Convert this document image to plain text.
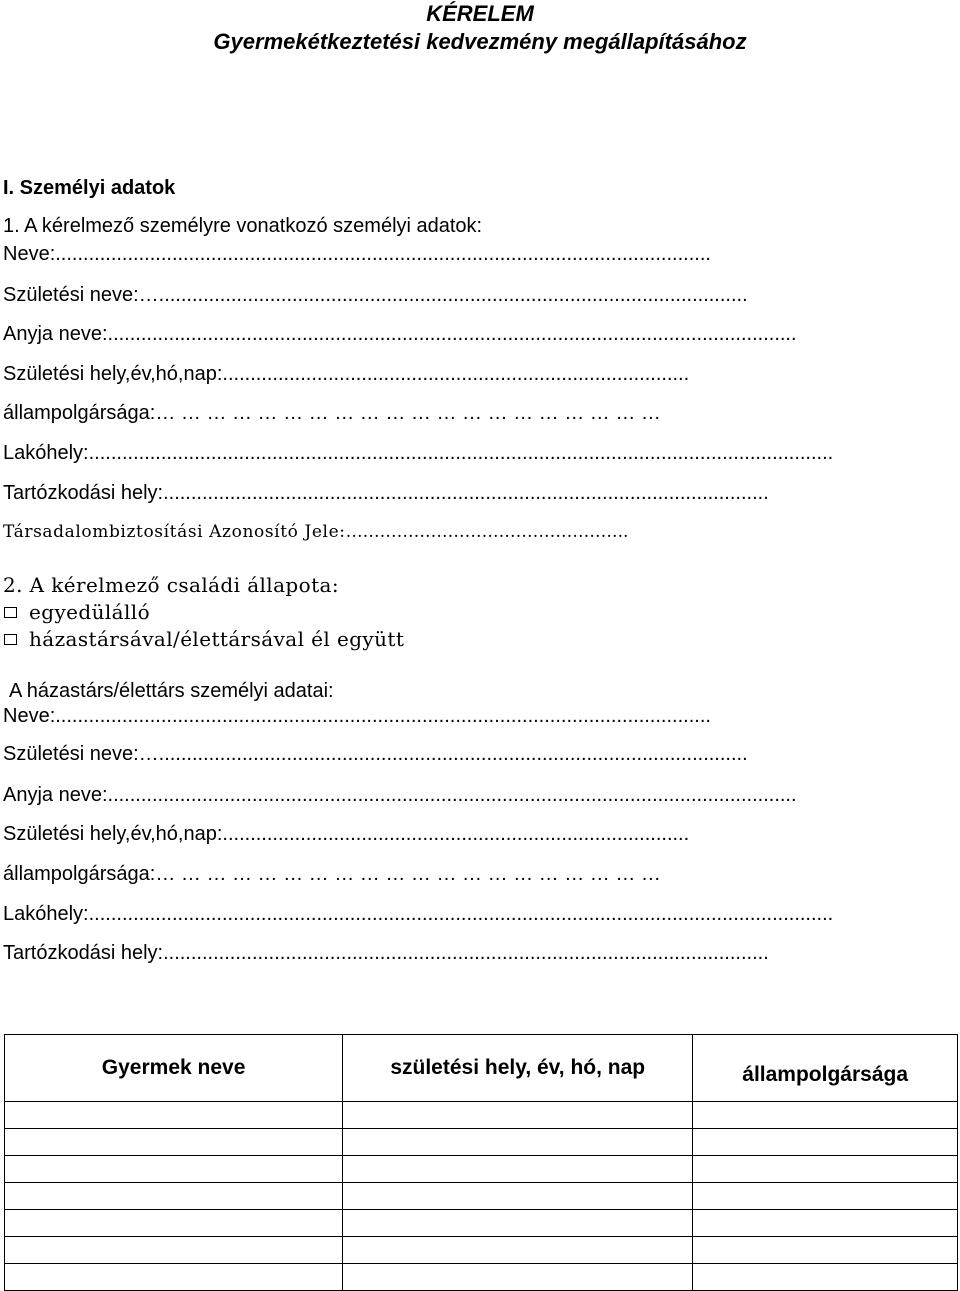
KÉRELEM
Gyermekétkeztetési kedvezmény megállapításához
I. Személyi adatok
1. A kérelmező személyre vonatkozó személyi adatok:
Neve:......................................................................................................................
Születési neve:…..........................................................................................................
Anyja neve:............................................................................................................................
Születési hely,év,hó,nap:....................................................................................
állampolgársága:… … … … … … … … … … … … … … … … … … … …
Lakóhely:......................................................................................................................................
Tartózkodási hely:.............................................................................................................
Társadalombiztosítási Azonosító Jele:…………………………………………..
2. A kérelmező családi állapota:
egyedülálló
házastársával/élettársával él együtt
A házastárs/élettárs személyi adatai:
Neve:......................................................................................................................
Születési neve:…..........................................................................................................
Anyja neve:............................................................................................................................
Születési hely,év,hó,nap:....................................................................................
állampolgársága:… … … … … … … … … … … … … … … … … … … …
Lakóhely:......................................................................................................................................
Tartózkodási hely:.............................................................................................................
Gyermek neve	születési hely, év, hó, nap	állampolgársága
